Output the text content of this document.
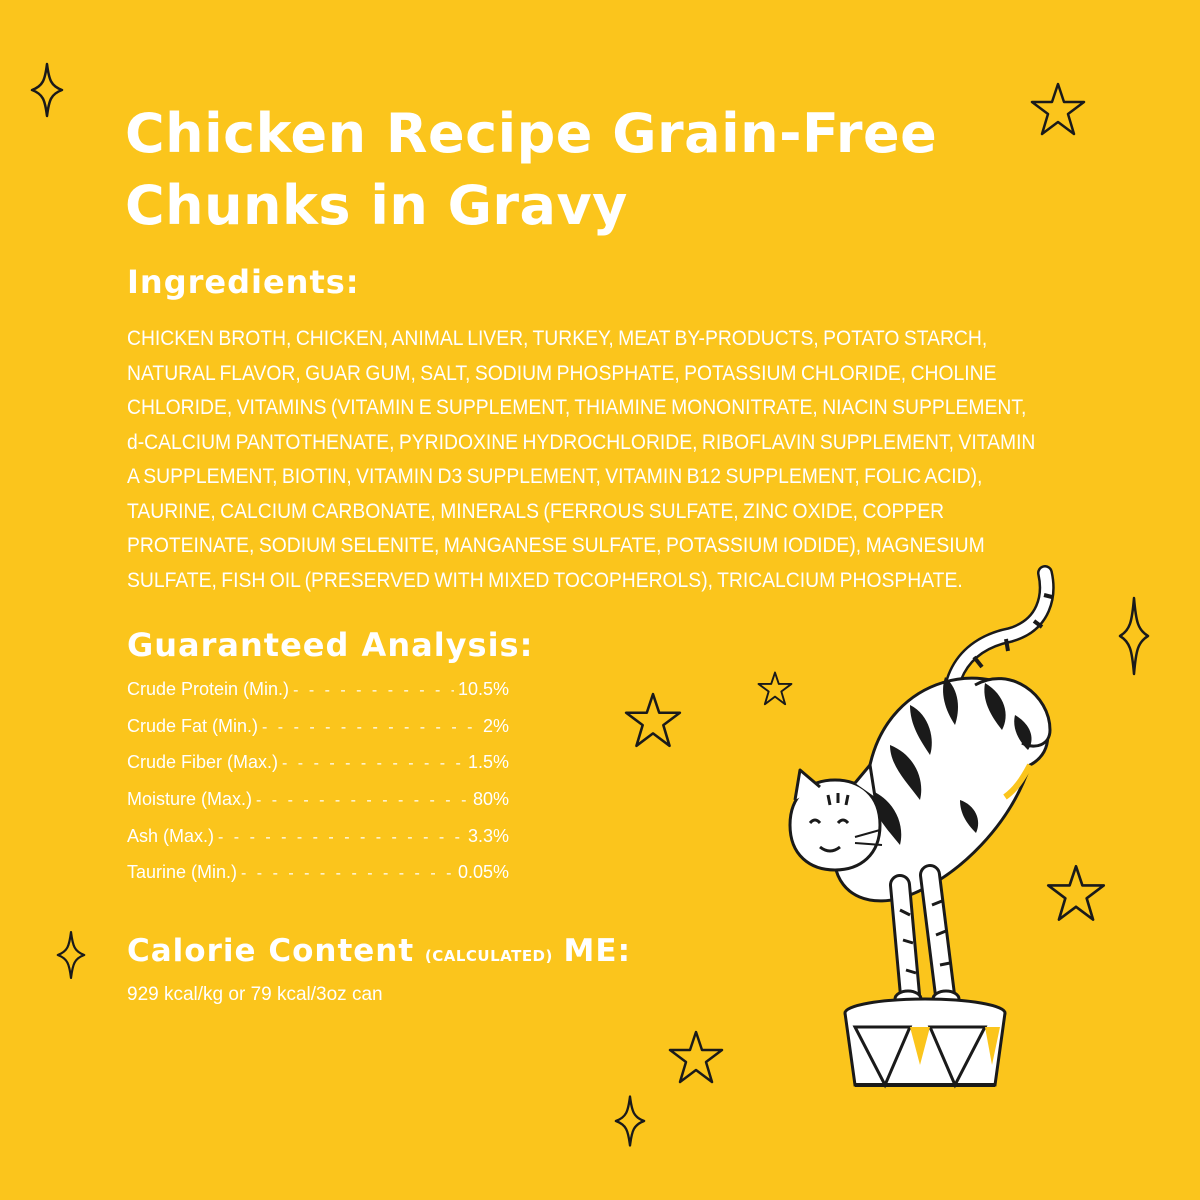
Chicken Recipe Grain-Free Chunks in Gravy
Ingredients:

CHICKEN BROTH, CHICKEN, ANIMAL LIVER, TURKEY, MEAT BY-PRODUCTS, POTATO STARCH, NATURAL FLAVOR, GUAR GUM, SALT, SODIUM PHOSPHATE, POTASSIUM CHLORIDE, CHOLINE CHLORIDE, VITAMINS (VITAMIN E SUPPLEMENT, THIAMINE MONONITRATE, NIACIN SUPPLEMENT, d-CALCIUM PANTOTHENATE, PYRIDOXINE HYDROCHLORIDE, RIBOFLAVIN SUPPLEMENT, VITAMIN A SUPPLEMENT, BIOTIN, VITAMIN D3 SUPPLEMENT, VITAMIN B12 SUPPLEMENT, FOLIC ACID), TAURINE, CALCIUM CARBONATE, MINERALS (FERROUS SULFATE, ZINC OXIDE, COPPER PROTEINATE, SODIUM SELENITE, MANGANESE SULFATE, POTASSIUM IODIDE), MAGNESIUM SULFATE, FISH OIL (PRESERVED WITH MIXED TOCOPHEROLS), TRICALCIUM PHOSPHATE.

Guaranteed Analysis:
Crude Protein (Min.) - - -	10.5%
Crude Fat (Min.) - - -	2%
Crude Fiber (Max.) - - -	1.5%
Moisture (Max.) - - -	80%
Ash (Max.) - - -	3.3%
Taurine (Min.) - - -	0.05%
Calorie Content (CALCULATED) ME:

929 kcal/kg or 79 kcal/3oz can
